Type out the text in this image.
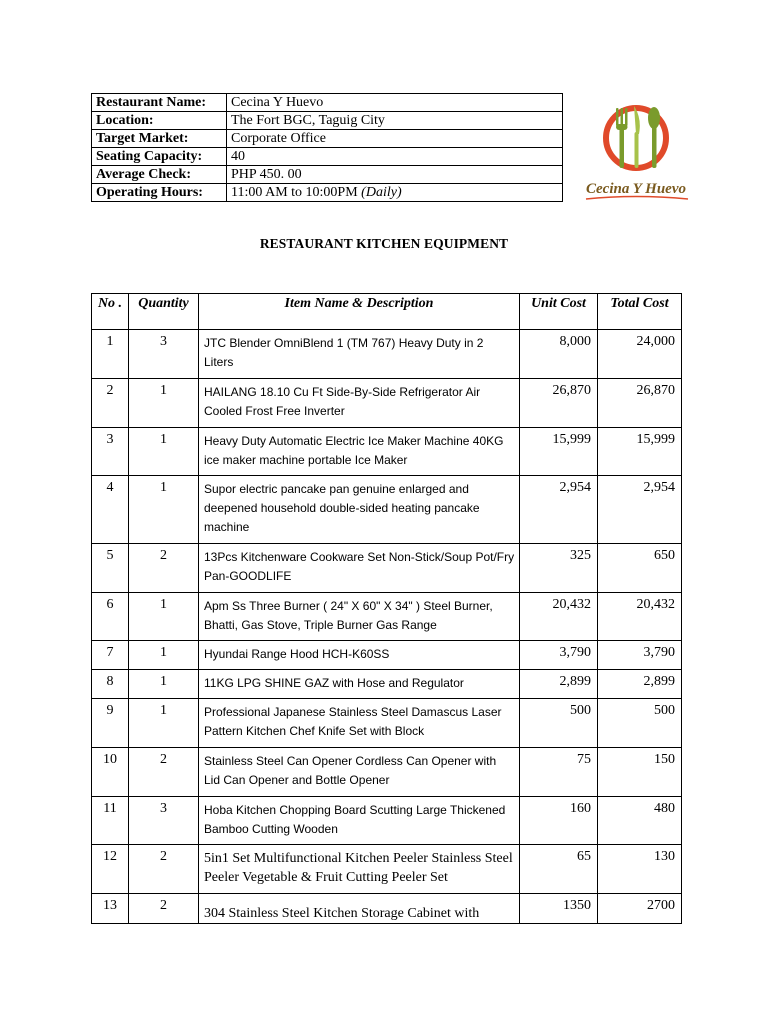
Restaurant Name:	Cecina Y Huevo
Location:	The Fort BGC, Taguig City
Target Market:	Corporate Office
Seating Capacity:	40
Average Check:	PHP 450. 00
Operating Hours:	11:00 AM to 10:00PM (Daily)	Cecina Y Huevo
RESTAURANT KITCHEN EQUIPMENT
No .	Quantity	Item Name & Description	Unit Cost	Total Cost
1	3	JTC Blender OmniBlend 1 (TM 767) Heavy Duty in 2 Liters	8,000	24,000
2	1	HAILANG 18.10 Cu Ft Side-By-Side Refrigerator Air Cooled Frost Free Inverter	26,870	26,870
3	1	Heavy Duty Automatic Electric Ice Maker Machine 40KG ice maker machine portable Ice Maker	15,999	15,999
4	1	Supor electric pancake pan genuine enlarged and deepened household double-sided heating pancake machine	2,954	2,954
5	2	13Pcs Kitchenware Cookware Set Non-Stick/Soup Pot/Fry Pan-GOODLIFE	325	650
6	1	Apm Ss Three Burner ( 24" X 60" X 34" ) Steel Burner, Bhatti, Gas Stove, Triple Burner Gas Range	20,432	20,432
7	1	Hyundai Range Hood HCH-K60SS	3,790	3,790
8	1	11KG LPG SHINE GAZ with Hose and Regulator	2,899	2,899
9	1	Professional Japanese Stainless Steel Damascus Laser Pattern Kitchen Chef Knife Set with Block	500	500
10	2	Stainless Steel Can Opener Cordless Can Opener with Lid Can Opener and Bottle Opener	75	150
11	3	Hoba Kitchen Chopping Board Scutting Large Thickened Bamboo Cutting Wooden	160	480
12	2	5in1 Set Multifunctional Kitchen Peeler Stainless Steel Peeler Vegetable & Fruit Cutting Peeler Set	65	130
13	2	304 Stainless Steel Kitchen Storage Cabinet with	1350	2700
